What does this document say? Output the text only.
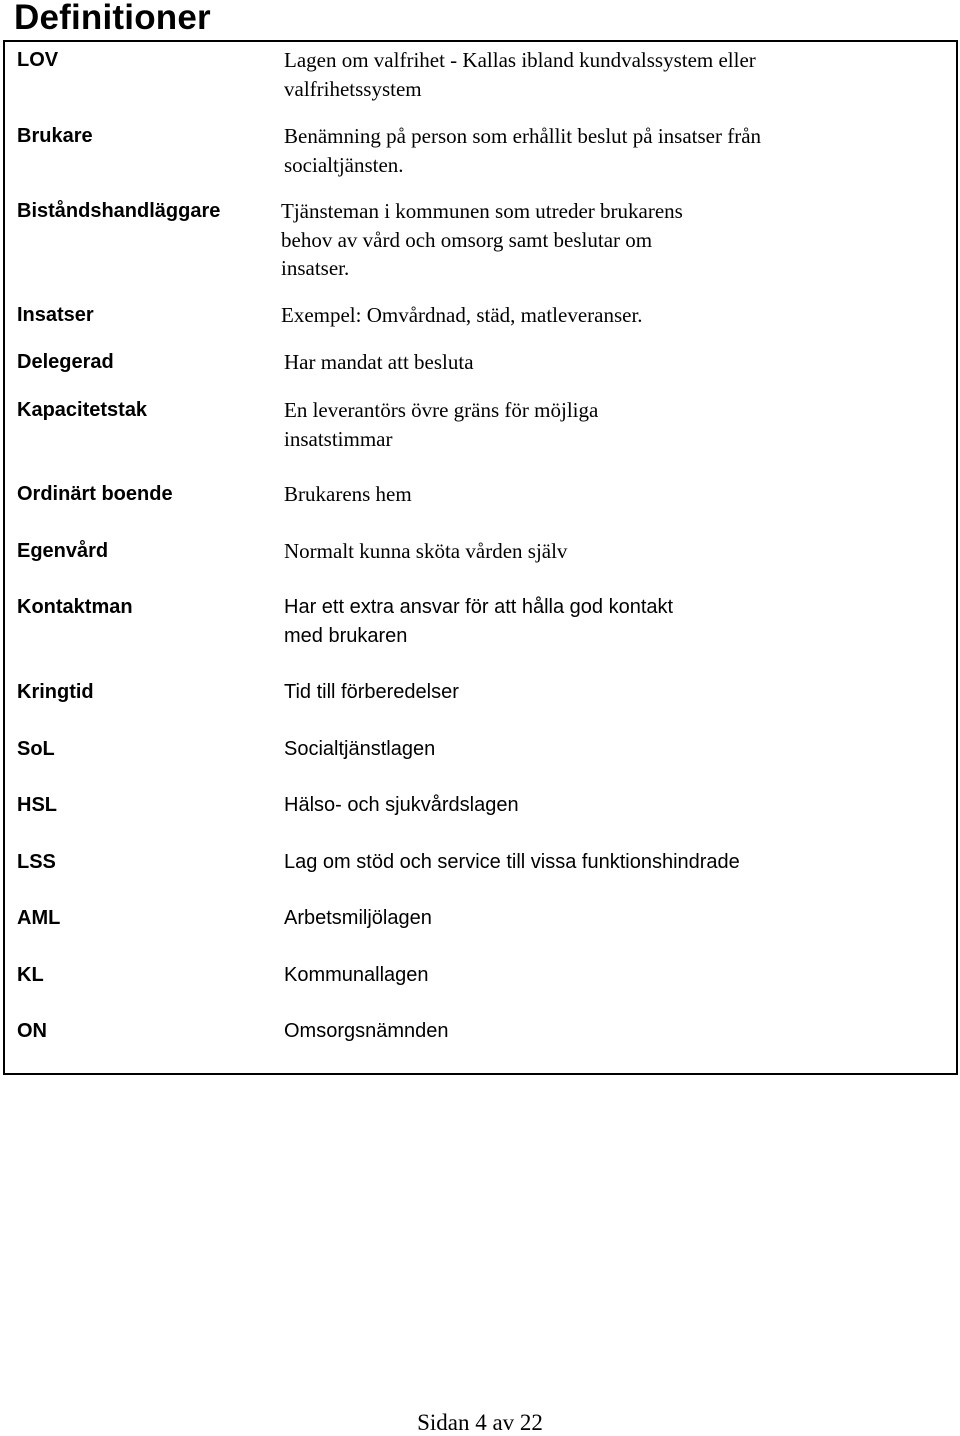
Definitioner
LOV	Lagen om valfrihet - Kallas ibland kundvalssystem eller
valfrihetssystem
Brukare	Benämning på person som erhållit beslut på insatser från
socialtjänsten.
Biståndshandläggare	Tjänsteman i kommunen som utreder brukarens
behov av vård och omsorg samt beslutar om
insatser.
Insatser	Exempel: Omvårdnad, städ, matleveranser.
Delegerad	Har mandat att besluta
Kapacitetstak	En leverantörs övre gräns för möjliga
insatstimmar
Ordinärt boende	Brukarens hem
Egenvård	Normalt kunna sköta vården själv
Kontaktman	Har ett extra ansvar för att hålla god kontakt
med brukaren
Kringtid	Tid till förberedelser
SoL	Socialtjänstlagen
HSL	Hälso- och sjukvårdslagen
LSS	Lag om stöd och service till vissa funktionshindrade
AML	Arbetsmiljölagen
KL	Kommunallagen
ON	Omsorgsnämnden
Sidan 4 av 22
